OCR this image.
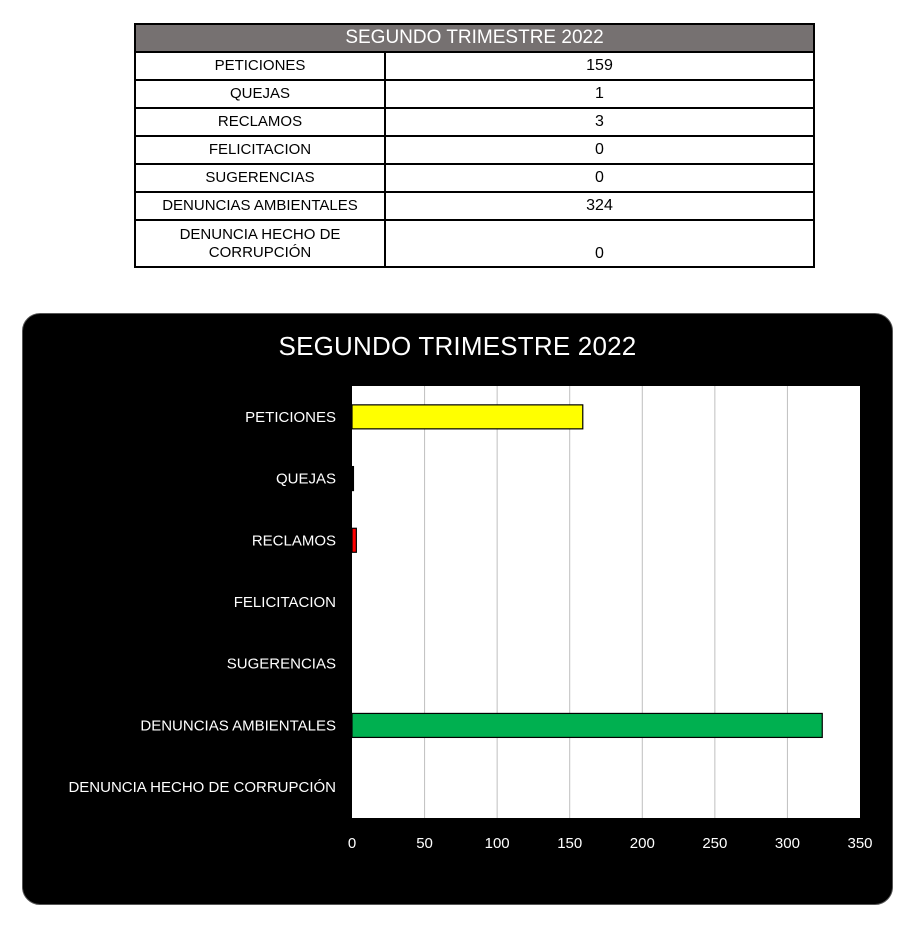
SEGUNDO TRIMESTRE 2022	
PETICIONES	159
QUEJAS	1
RECLAMOS	3
FELICITACION	0
SUGERENCIAS	0
DENUNCIAS AMBIENTALES	324
DENUNCIA HECHO DE
CORRUPCIÓN	0
SEGUNDO TRIMESTRE 2022
0	50	100	150	200	250	300	350
PETICIONES
QUEJAS
RECLAMOS
FELICITACION
SUGERENCIAS
DENUNCIAS AMBIENTALES
DENUNCIA HECHO DE CORRUPCIÓN
